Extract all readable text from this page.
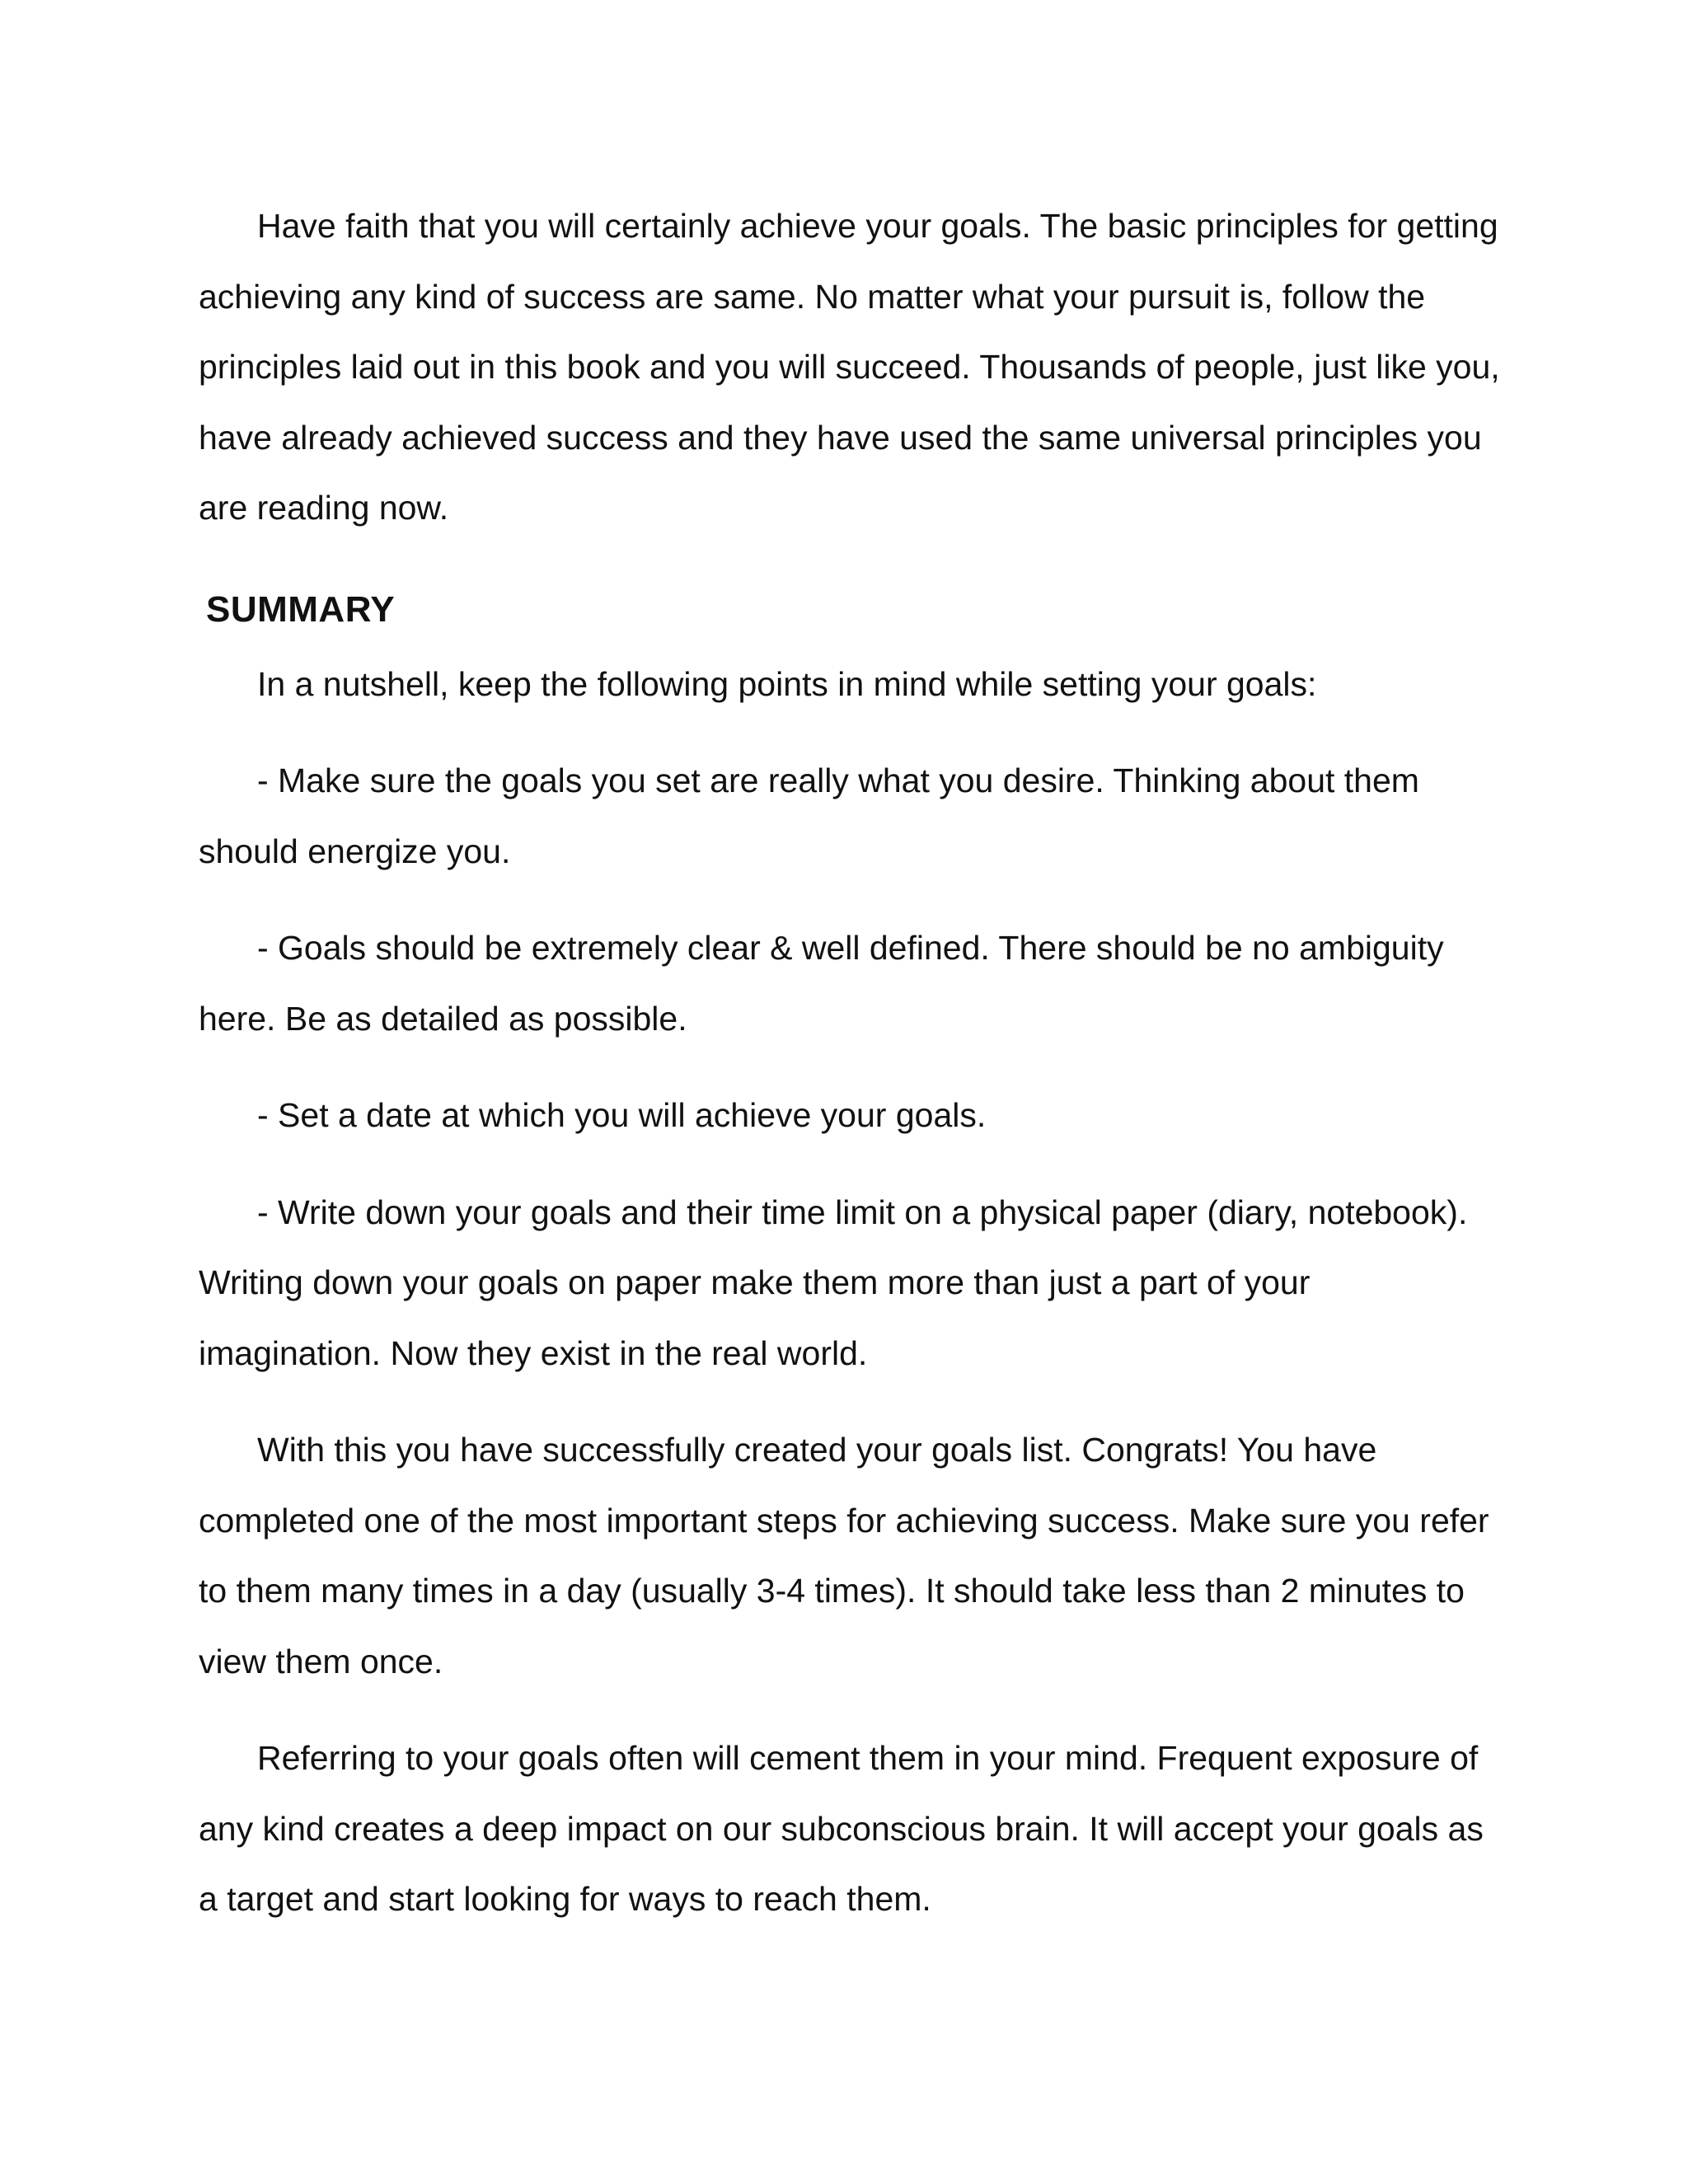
Have faith that you will certainly achieve your goals. The basic principles for getting achieving any kind of success are same. No matter what your pursuit is, follow the principles laid out in this book and you will succeed. Thousands of people, just like you, have already achieved success and they have used the same universal principles you are reading now.

SUMMARY

In a nutshell, keep the following points in mind while setting your goals:

- Make sure the goals you set are really what you desire. Thinking about them should energize you.

- Goals should be extremely clear & well defined. There should be no ambiguity here. Be as detailed as possible.

- Set a date at which you will achieve your goals.

- Write down your goals and their time limit on a physical paper (diary, notebook). Writing down your goals on paper make them more than just a part of your imagination. Now they exist in the real world.

With this you have successfully created your goals list. Congrats! You have completed one of the most important steps for achieving success. Make sure you refer to them many times in a day (usually 3-4 times). It should take less than 2 minutes to view them once.

Referring to your goals often will cement them in your mind. Frequent exposure of any kind creates a deep impact on our subconscious brain. It will accept your goals as a target and start looking for ways to reach them.
